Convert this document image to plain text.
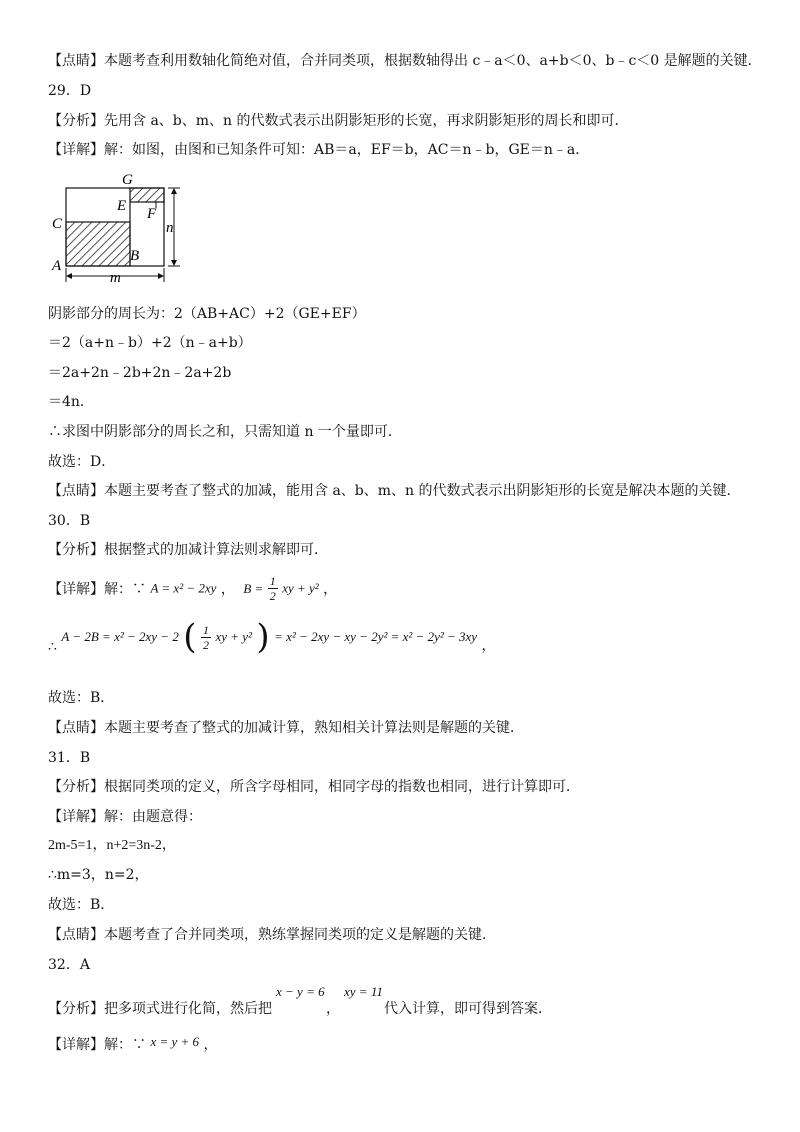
【点睛】本题考查利用数轴化简绝对值，合并同类项，根据数轴得出 c﹣a＜0、a+b＜0、b﹣c＜0 是解题的关键．
29．D
【分析】先用含 a、b、m、n 的代数式表示出阴影矩形的长宽，再求阴影矩形的周长和即可．
【详解】解：如图，由图和已知条件可知：AB＝a，EF＝b，AC＝n﹣b，GE＝n﹣a．
G
E F
C
A
B
m
n
阴影部分的周长为：2（AB+AC）+2（GE+EF）
＝2（a+n﹣b）+2（n﹣a+b）
＝2a+2n﹣2b+2n﹣2a+2b
＝4n．
∴求图中阴影部分的周长之和，只需知道 n 一个量即可．
故选：D．
【点睛】本题主要考查了整式的加减，能用含 a、b、m、n 的代数式表示出阴影矩形的长宽是解决本题的关键．
30．B
【分析】根据整式的加减计算法则求解即可．
【详解】解：∵ A = x² − 2xy ， $B = \frac{1}{2}$ xy + y² ，
∴ A − 2B = x² − 2xy − 2 ( $\frac{1}{2}$ xy + y² ) = x² − 2xy − xy − 2y² = x² − 2y² − 3xy ，
故选：B．
【点睛】本题主要考查了整式的加减计算，熟知相关计算法则是解题的关键．
31．B
【分析】根据同类项的定义，所含字母相同，相同字母的指数也相同，进行计算即可．
【详解】解：由题意得：
2m-5=1，n+2=3n-2，
∴m=3，n=2，
故选：B．
【点睛】本题考查了合并同类项，熟练掌握同类项的定义是解题的关键．
32．A
【分析】把多项式进行化简，然后把
x − y = 6
，
xy = 11
代入计算，即可得到答案．
【详解】解：∵ x = y + 6 ，
